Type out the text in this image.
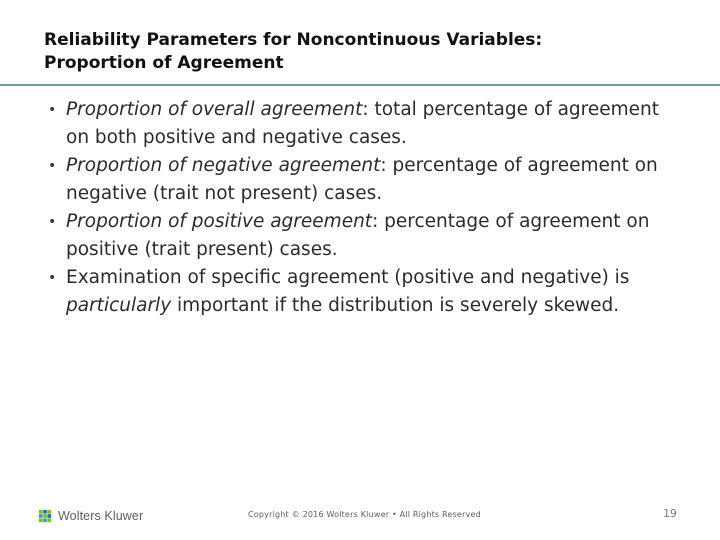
Reliability Parameters for Noncontinuous Variables:
Proportion of Agreement
• Proportion of overall agreement: total percentage of agreement on both positive and negative cases.
• Proportion of negative agreement: percentage of agreement on negative (trait not present) cases.
• Proportion of positive agreement: percentage of agreement on positive (trait present) cases.
• Examination of specific agreement (positive and negative) is particularly important if the distribution is severely skewed.
Wolters Kluwer	Copyright © 2016 Wolters Kluwer • All Rights Reserved	19
